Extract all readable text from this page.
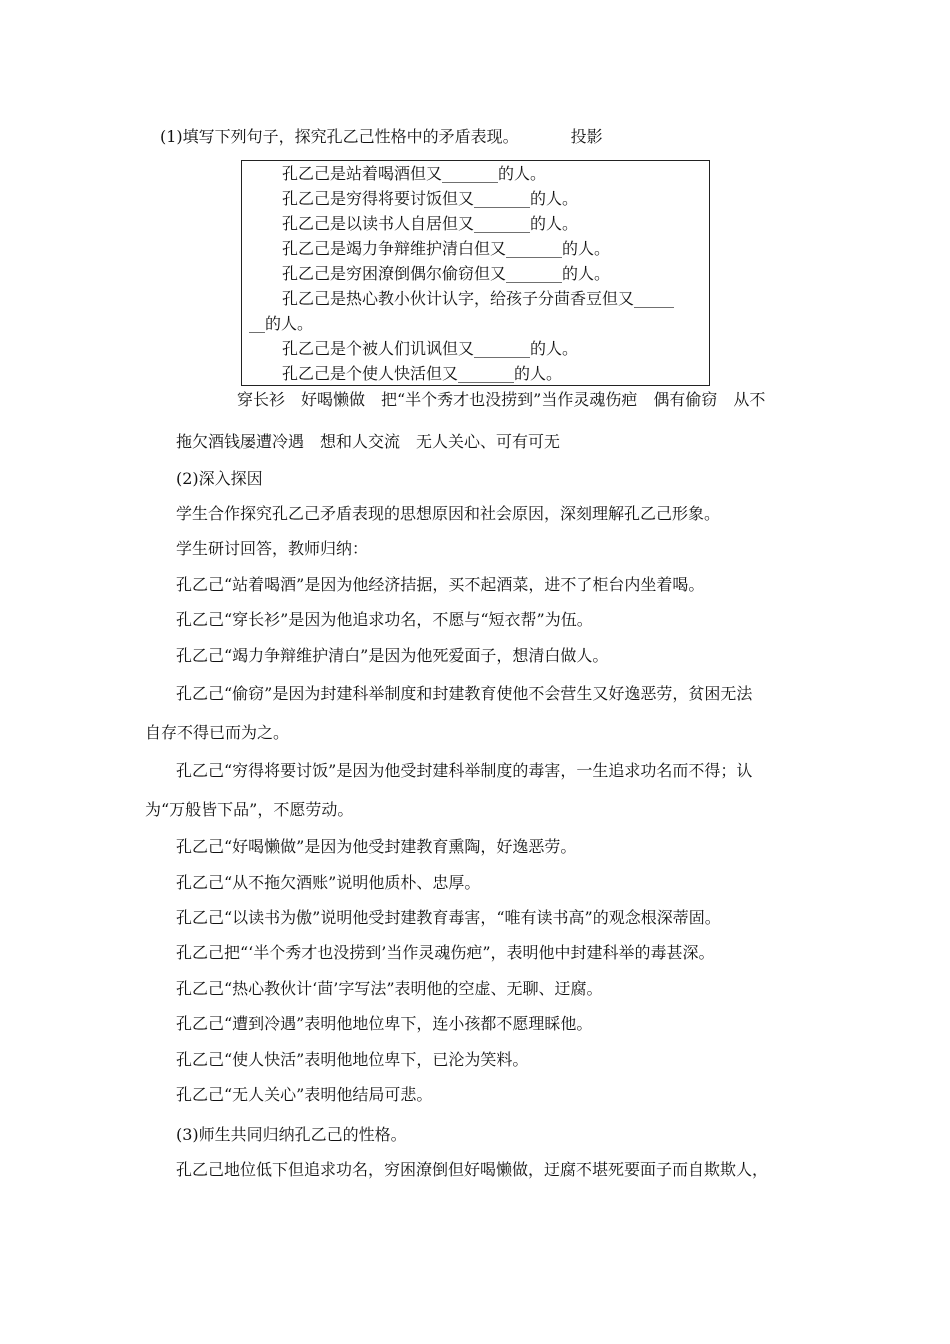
(1)填写下列句子，探究孔乙己性格中的矛盾表现。	投影
孔乙己是站着喝酒但又_______的人。
孔乙己是穷得将要讨饭但又_______的人。
孔乙己是以读书人自居但又_______的人。
孔乙己是竭力争辩维护清白但又_______的人。
孔乙己是穷困潦倒偶尔偷窃但又_______的人。
孔乙己是热心教小伙计认字，给孩子分茴香豆但又_____
__的人。
孔乙己是个被人们讥讽但又_______的人。
孔乙己是个使人快活但又_______的人。
穿长衫　好喝懒做　把“半个秀才也没捞到”当作灵魂伤疤　偶有偷窃　从不
拖欠酒钱屡遭冷遇　想和人交流　无人关心、可有可无
(2)深入探因
学生合作探究孔乙己矛盾表现的思想原因和社会原因，深刻理解孔乙己形象。
学生研讨回答，教师归纳：
孔乙己“站着喝酒”是因为他经济拮据，买不起酒菜，进不了柜台内坐着喝。
孔乙己“穿长衫”是因为他追求功名，不愿与“短衣帮”为伍。
孔乙己“竭力争辩维护清白”是因为他死爱面子，想清白做人。
孔乙己“偷窃”是因为封建科举制度和封建教育使他不会营生又好逸恶劳，贫困无法
自存不得已而为之。
孔乙己“穷得将要讨饭”是因为他受封建科举制度的毒害，一生追求功名而不得；认
为“万般皆下品”，不愿劳动。
孔乙己“好喝懒做”是因为他受封建教育熏陶，好逸恶劳。
孔乙己“从不拖欠酒账”说明他质朴、忠厚。
孔乙己“以读书为傲”说明他受封建教育毒害，“唯有读书高”的观念根深蒂固。
孔乙己把“‘半个秀才也没捞到’当作灵魂伤疤”，表明他中封建科举的毒甚深。
孔乙己“热心教伙计‘茴’字写法”表明他的空虚、无聊、迂腐。
孔乙己“遭到冷遇”表明他地位卑下，连小孩都不愿理睬他。
孔乙己“使人快活”表明他地位卑下，已沦为笑料。
孔乙己“无人关心”表明他结局可悲。
(3)师生共同归纳孔乙己的性格。
孔乙己地位低下但追求功名，穷困潦倒但好喝懒做，迂腐不堪死要面子而自欺欺人，
